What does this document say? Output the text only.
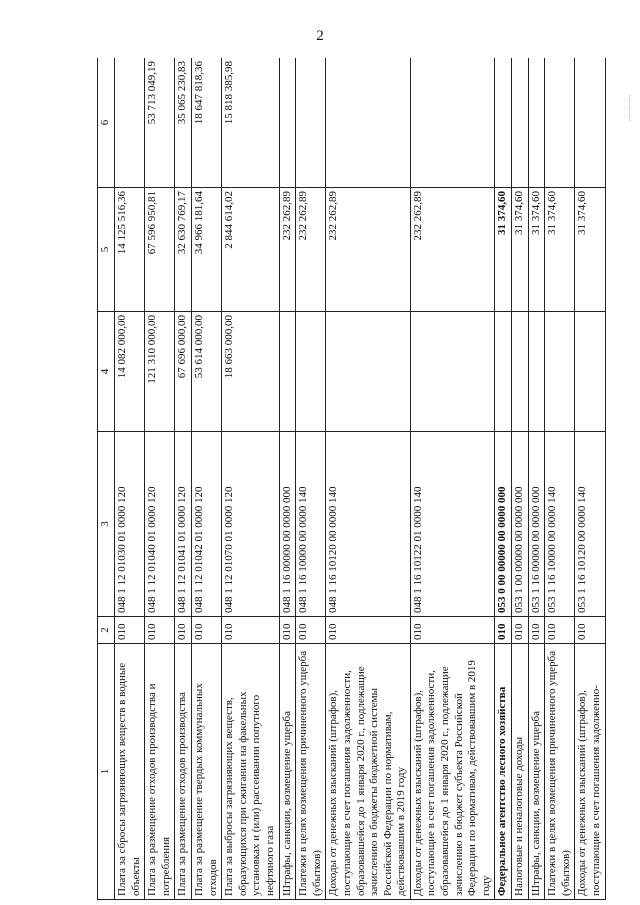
2
1	2	3	4	5	6
Плата за сбросы загрязняющих веществ в водные объекты	010	048 1 12 01030 01 0000 120	14 082 000,00	14 125 516,36	
Плата за размещение отходов производства и потребления	010	048 1 12 01040 01 0000 120	121 310 000,00	67 596 950,81	53 713 049,19
Плата за размещение отходов производства	010	048 1 12 01041 01 0000 120	67 696 000,00	32 630 769,17	35 065 230,83
Плата за размещение твердых коммунальных отходов	010	048 1 12 01042 01 0000 120	53 614 000,00	34 966 181,64	18 647 818,36
Плата за выбросы загрязняющих веществ, образующихся при сжигании на факельных установках и (или) рассеивании попутного нефтяного газа	010	048 1 12 01070 01 0000 120	18 663 000,00	2 844 614,02	15 818 385,98
Штрафы, санкции, возмещение ущерба	010	048 1 16 00000 00 0000 000		232 262,89	
Платежи в целях возмещения причиненного ущерба (убытков)	010	048 1 16 10000 00 0000 140		232 262,89	
Доходы от денежных взысканий (штрафов), поступающие в счет погашения задолженности, образовавшейся до 1 января 2020 г., подлежащие зачислению в бюджеты бюджетной системы Российской Федерации по нормативам, действовавшим в 2019 году	010	048 1 16 10120 00 0000 140		232 262,89	
Доходы от денежных взысканий (штрафов), поступающие в счет погашения задолженности, образовавшейся до 1 января 2020 г., подлежащие зачислению в бюджет субъекта Российской Федерации по нормативам, действовавшим в 2019 году	010	048 1 16 10122 01 0000 140		232 262,89	
Федеральное агентство лесного хозяйства	010	053 0 00 00000 00 0000 000		31 374,60	
Налоговые и неналоговые доходы	010	053 1 00 00000 00 0000 000		31 374,60	
Штрафы, санкции, возмещение ущерба	010	053 1 16 00000 00 0000 000		31 374,60	
Платежи в целях возмещения причиненного ущерба (убытков)	010	053 1 16 10000 00 0000 140		31 374,60	
Доходы от денежных взысканий (штрафов), поступающие в счет погашения задолженно-	010	053 1 16 10120 00 0000 140		31 374,60	
